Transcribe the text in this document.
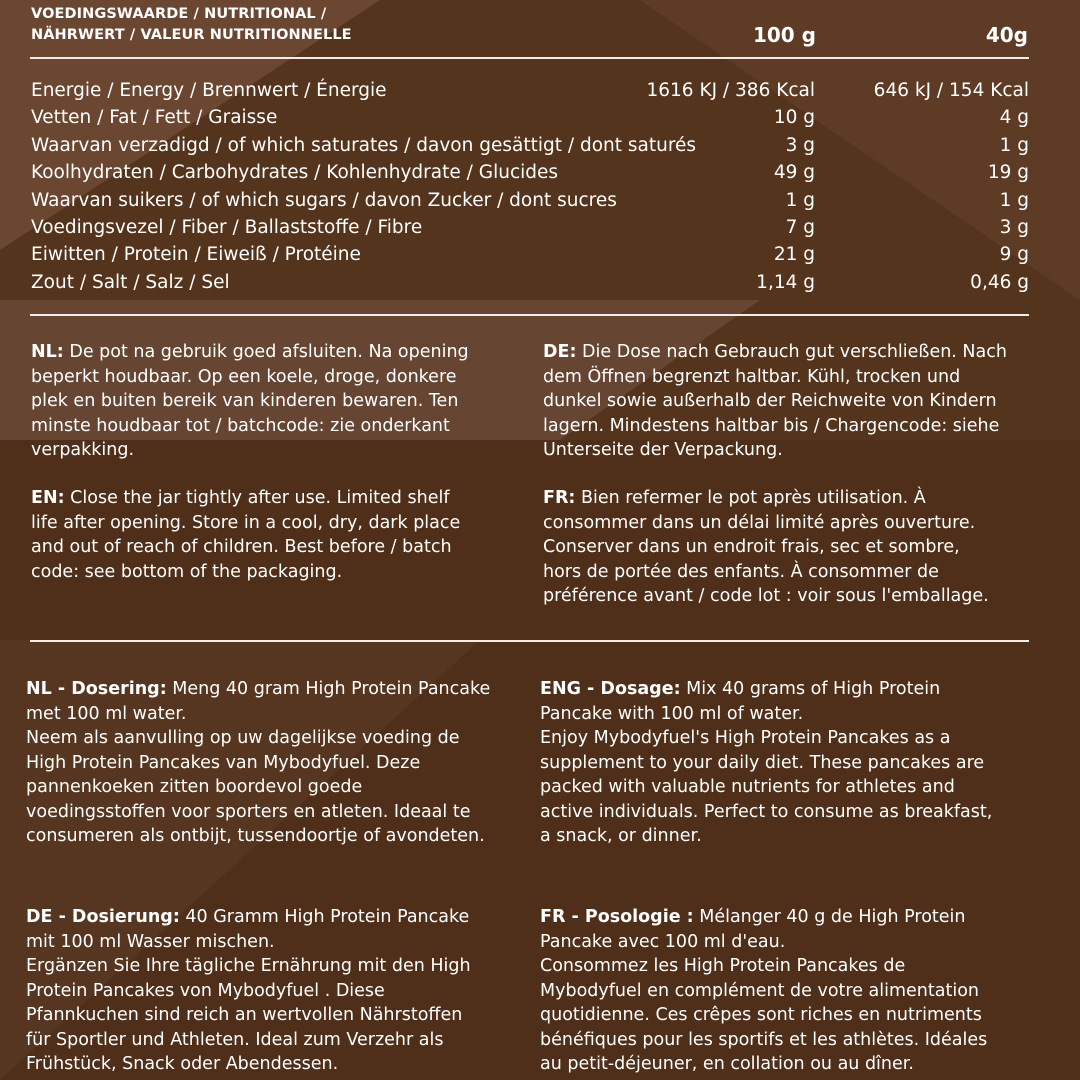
VOEDINGSWAARDE / NUTRITIONAL /
NÄHRWERT / VALEUR NUTRITIONNELLE	100 g	40g
Energie / Energy / Brennwert / Énergie	1616 KJ / 386 Kcal	646 kJ / 154 Kcal
Vetten / Fat / Fett / Graisse	10 g	4 g
Waarvan verzadigd / of which saturates / davon gesättigt / dont saturés	3 g	1 g
Koolhydraten / Carbohydrates / Kohlenhydrate / Glucides	49 g	19 g
Waarvan suikers / of which sugars / davon Zucker / dont sucres	1 g	1 g
Voedingsvezel / Fiber / Ballaststoffe / Fibre	7 g	3 g
Eiwitten / Protein / Eiweiß / Protéine	21 g	9 g
Zout / Salt / Salz / Sel	1,14 g	0,46 g
NL: De pot na gebruik goed afsluiten. Na opening
beperkt houdbaar. Op een koele, droge, donkere
plek en buiten bereik van kinderen bewaren. Ten
minste houdbaar tot / batchcode: zie onderkant
verpakking.
DE: Die Dose nach Gebrauch gut verschließen. Nach
dem Öffnen begrenzt haltbar. Kühl, trocken und
dunkel sowie außerhalb der Reichweite von Kindern
lagern. Mindestens haltbar bis / Chargencode: siehe
Unterseite der Verpackung.
EN: Close the jar tightly after use. Limited shelf
life after opening. Store in a cool, dry, dark place
and out of reach of children. Best before / batch
code: see bottom of the packaging.
FR: Bien refermer le pot après utilisation. À
consommer dans un délai limité après ouverture.
Conserver dans un endroit frais, sec et sombre,
hors de portée des enfants. À consommer de
préférence avant / code lot : voir sous l'emballage.
NL - Dosering: Meng 40 gram High Protein Pancake
met 100 ml water.
Neem als aanvulling op uw dagelijkse voeding de
High Protein Pancakes van Mybodyfuel. Deze
pannenkoeken zitten boordevol goede
voedingsstoffen voor sporters en atleten. Ideaal te
consumeren als ontbijt, tussendoortje of avondeten.
ENG - Dosage: Mix 40 grams of High Protein
Pancake with 100 ml of water.
Enjoy Mybodyfuel's High Protein Pancakes as a
supplement to your daily diet. These pancakes are
packed with valuable nutrients for athletes and
active individuals. Perfect to consume as breakfast,
a snack, or dinner.
DE - Dosierung: 40 Gramm High Protein Pancake
mit 100 ml Wasser mischen.
Ergänzen Sie Ihre tägliche Ernährung mit den High
Protein Pancakes von Mybodyfuel . Diese
Pfannkuchen sind reich an wertvollen Nährstoffen
für Sportler und Athleten. Ideal zum Verzehr als
Frühstück, Snack oder Abendessen.
FR - Posologie : Mélanger 40 g de High Protein
Pancake avec 100 ml d'eau.
Consommez les High Protein Pancakes de
Mybodyfuel en complément de votre alimentation
quotidienne. Ces crêpes sont riches en nutriments
bénéfiques pour les sportifs et les athlètes. Idéales
au petit-déjeuner, en collation ou au dîner.
